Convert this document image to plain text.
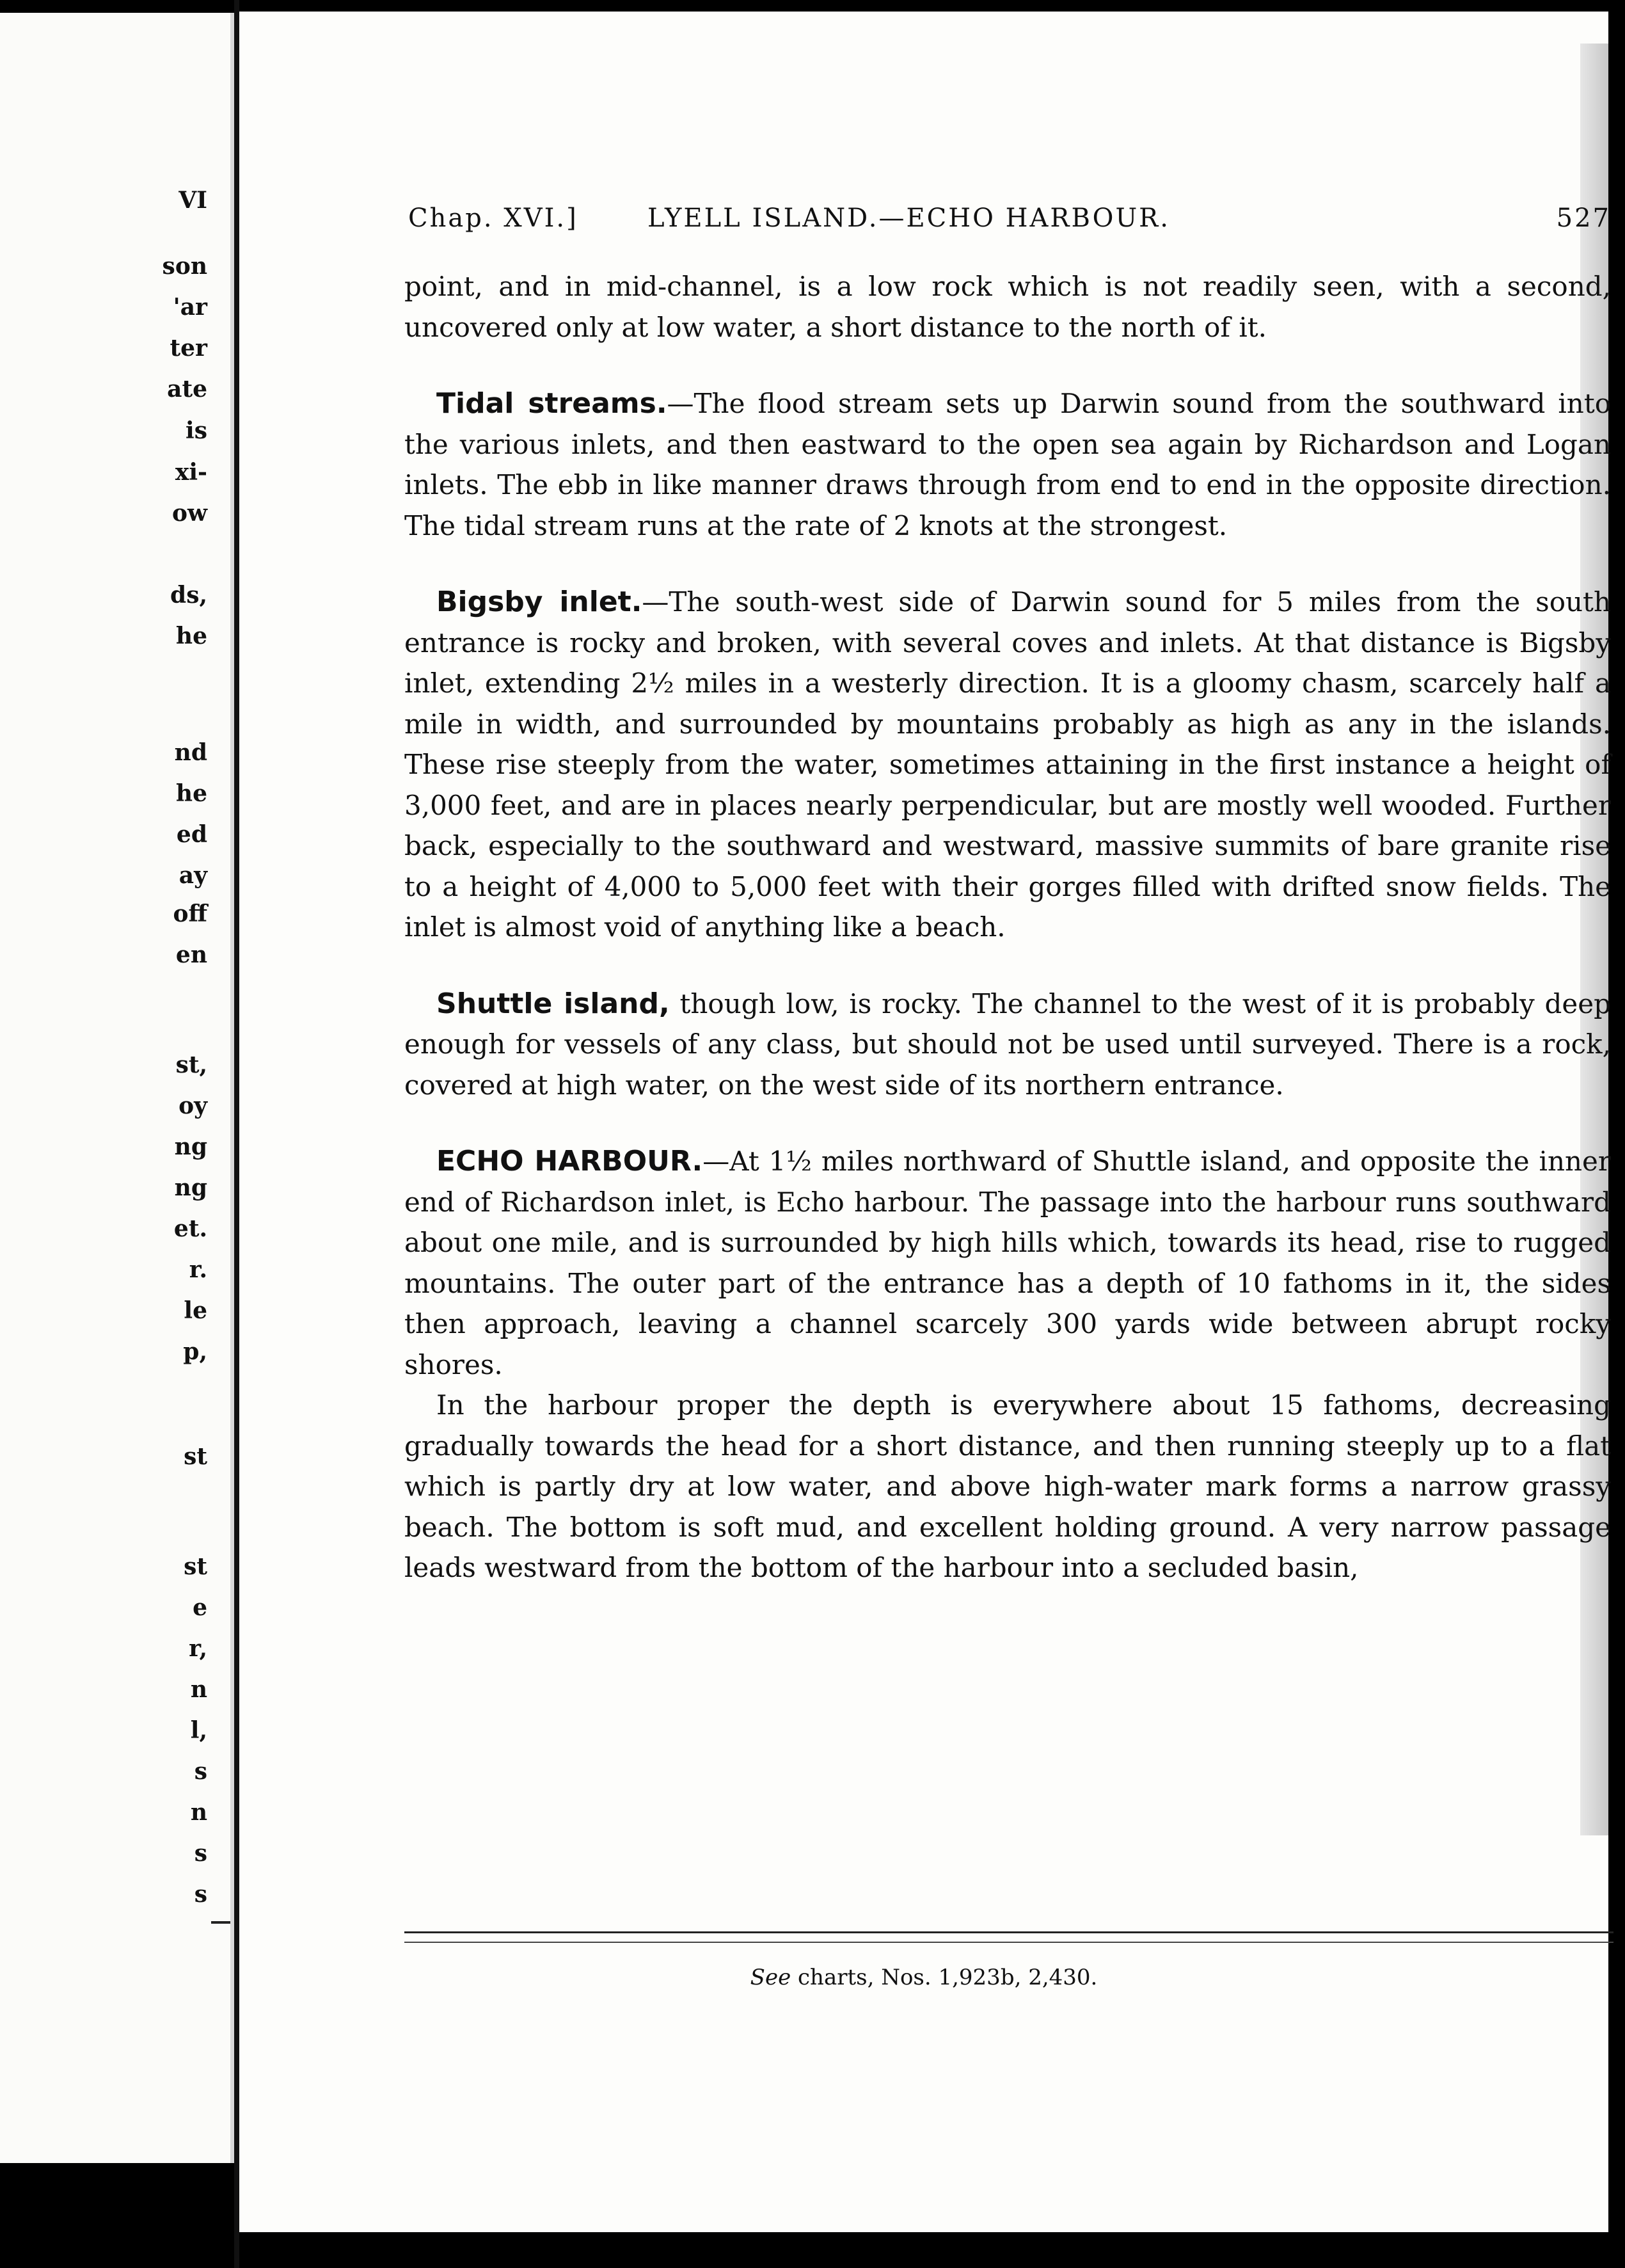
VI
son
'ar
ter
ate
is
xi-
ow
ds,
he
nd
he
ed
ay
off
en
st,
oy
ng
ng
et.
r.
le
p,
st
st
e
r,
n
l,
s
n
s
s
Chap. XVI.]	LYELL ISLAND.—ECHO HARBOUR.	527

point, and in mid-channel, is a low rock which is not readily seen, with a second, uncovered only at low water, a short distance to the north of it.

Tidal streams.—The flood stream sets up Darwin sound from the southward into the various inlets, and then eastward to the open sea again by Richardson and Logan inlets. The ebb in like manner draws through from end to end in the opposite direction. The tidal stream runs at the rate of 2 knots at the strongest.

Bigsby inlet.—The south-west side of Darwin sound for 5 miles from the south entrance is rocky and broken, with several coves and inlets. At that distance is Bigsby inlet, extending 2½ miles in a westerly direction. It is a gloomy chasm, scarcely half a mile in width, and surrounded by mountains probably as high as any in the islands. These rise steeply from the water, sometimes attaining in the first instance a height of 3,000 feet, and are in places nearly perpendicular, but are mostly well wooded. Further back, especially to the southward and westward, massive summits of bare granite rise to a height of 4,000 to 5,000 feet with their gorges filled with drifted snow fields. The inlet is almost void of anything like a beach.

Shuttle island, though low, is rocky. The channel to the west of it is probably deep enough for vessels of any class, but should not be used until surveyed. There is a rock, covered at high water, on the west side of its northern entrance.

ECHO HARBOUR.—At 1½ miles northward of Shuttle island, and opposite the inner end of Richardson inlet, is Echo harbour. The passage into the harbour runs southward about one mile, and is surrounded by high hills which, towards its head, rise to rugged mountains. The outer part of the entrance has a depth of 10 fathoms in it, the sides then approach, leaving a channel scarcely 300 yards wide between abrupt rocky shores.

In the harbour proper the depth is everywhere about 15 fathoms, decreasing gradually towards the head for a short distance, and then running steeply up to a flat which is partly dry at low water, and above high-water mark forms a narrow grassy beach. The bottom is soft mud, and excellent holding ground. A very narrow passage leads westward from the bottom of the harbour into a secluded basin,

See charts, Nos. 1,923b, 2,430.
